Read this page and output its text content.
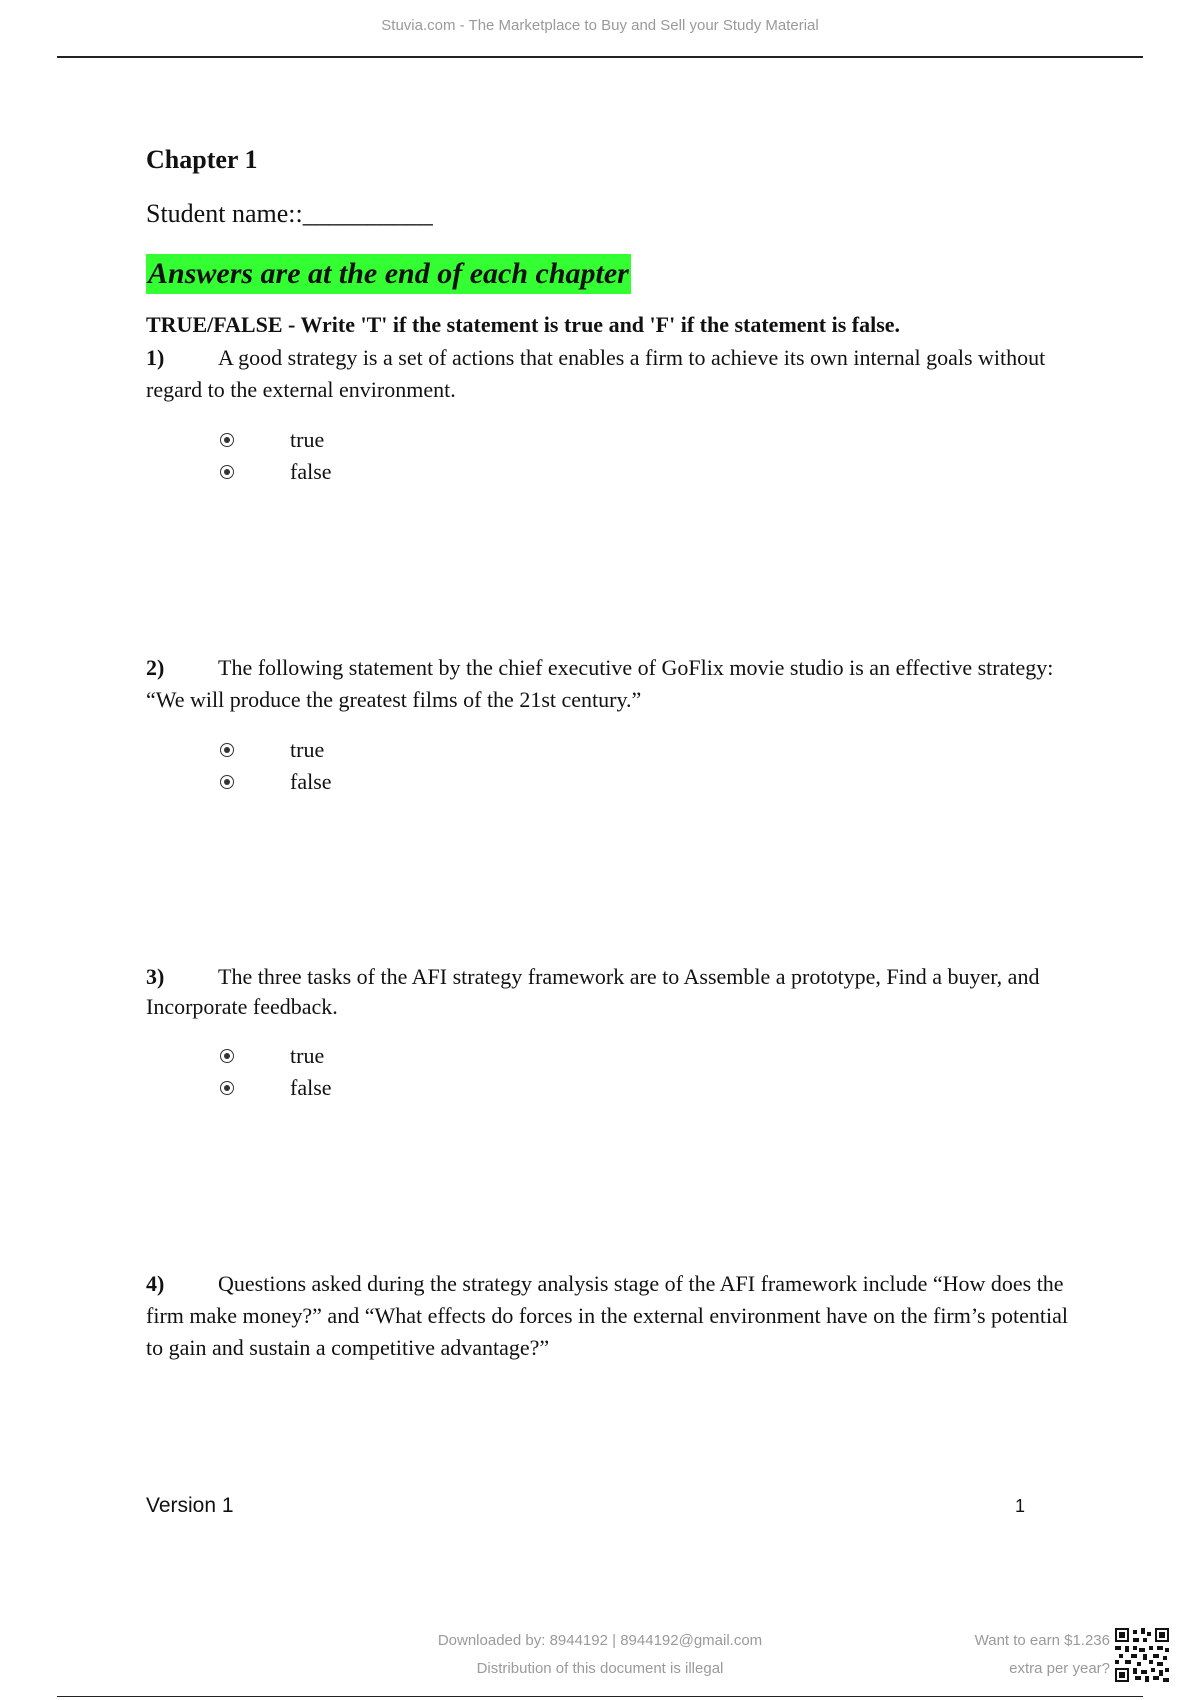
Stuvia.com - The Marketplace to Buy and Sell your Study Material
Chapter 1
Student name::__________
Answers are at the end of each chapter
TRUE/FALSE - Write 'T' if the statement is true and 'F' if the statement is false.
1) A good strategy is a set of actions that enables a firm to achieve its own internal goals without regard to the external environment.
true
false
2) The following statement by the chief executive of GoFlix movie studio is an effective strategy: “We will produce the greatest films of the 21st century.”
true
false
3) The three tasks of the AFI strategy framework are to Assemble a prototype, Find a buyer, and Incorporate feedback.
true
false
4) Questions asked during the strategy analysis stage of the AFI framework include “How does the firm make money?” and “What effects do forces in the external environment have on the firm’s potential to gain and sustain a competitive advantage?”
Version 1	1
Downloaded by: 8944192 | 8944192@gmail.com
Distribution of this document is illegal
Want to earn $1.236
extra per year?
